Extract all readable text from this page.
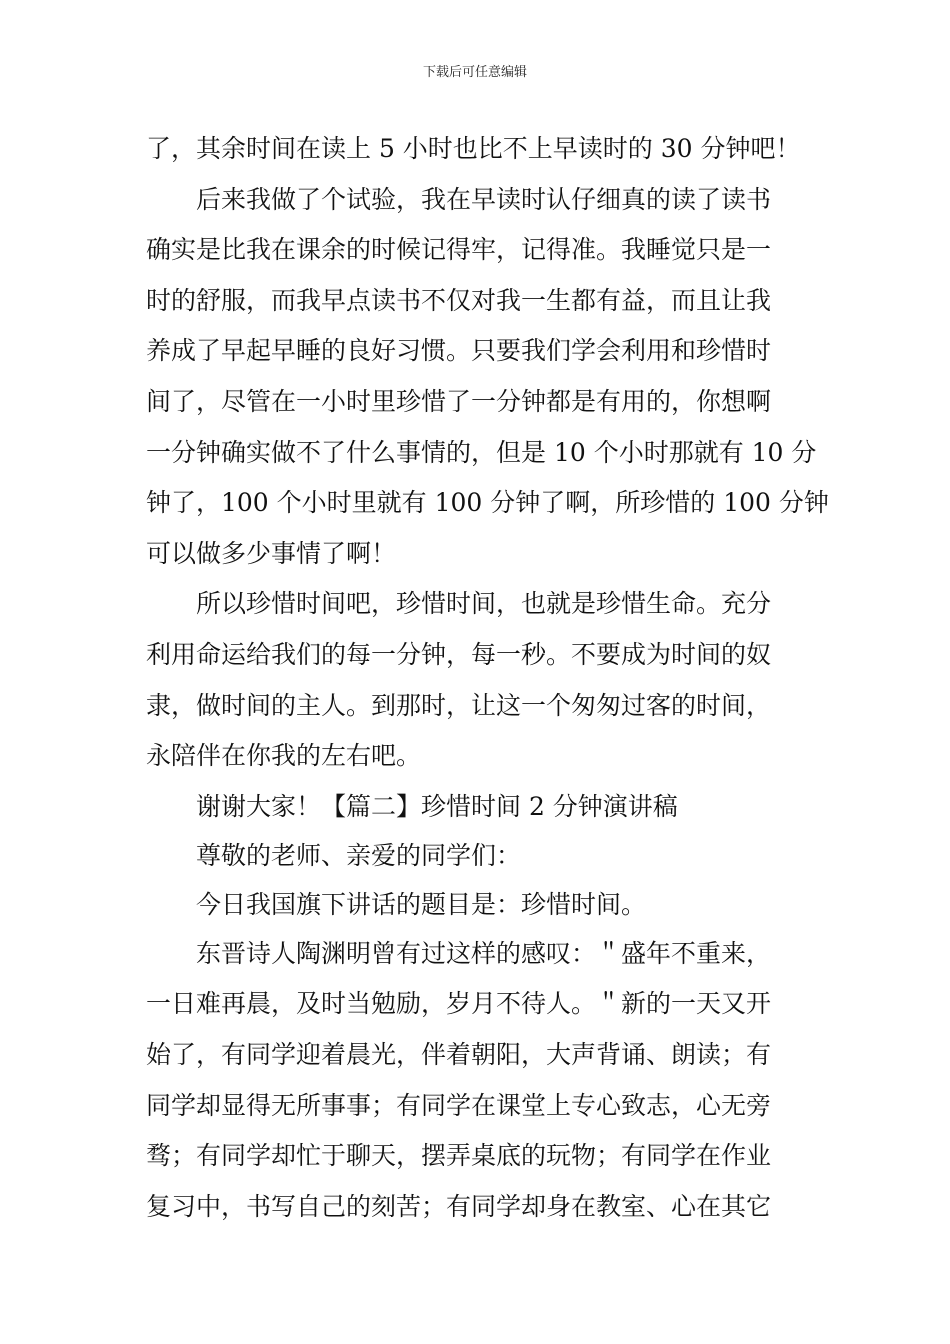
下载后可任意编辑
了，其余时间在读上 5 小时也比不上早读时的 30 分钟吧！
后来我做了个试验，我在早读时认仔细真的读了读书
确实是比我在课余的时候记得牢，记得准。我睡觉只是一
时的舒服，而我早点读书不仅对我一生都有益，而且让我
养成了早起早睡的良好习惯。只要我们学会利用和珍惜时
间了，尽管在一小时里珍惜了一分钟都是有用的，你想啊
一分钟确实做不了什么事情的，但是 10 个小时那就有 10 分
钟了，100 个小时里就有 100 分钟了啊，所珍惜的 100 分钟
可以做多少事情了啊！
所以珍惜时间吧，珍惜时间，也就是珍惜生命。充分
利用命运给我们的每一分钟，每一秒。不要成为时间的奴
隶，做时间的主人。到那时，让这一个匆匆过客的时间，
永陪伴在你我的左右吧。
谢谢大家！【篇二】珍惜时间 2 分钟演讲稿
尊敬的老师、亲爱的同学们：
今日我国旗下讲话的题目是：珍惜时间。
东晋诗人陶渊明曾有过这样的感叹：＂盛年不重来，
一日难再晨，及时当勉励，岁月不待人。＂新的一天又开
始了，有同学迎着晨光，伴着朝阳，大声背诵、朗读；有
同学却显得无所事事；有同学在课堂上专心致志，心无旁
骛；有同学却忙于聊天，摆弄桌底的玩物；有同学在作业
复习中，书写自己的刻苦；有同学却身在教室、心在其它
